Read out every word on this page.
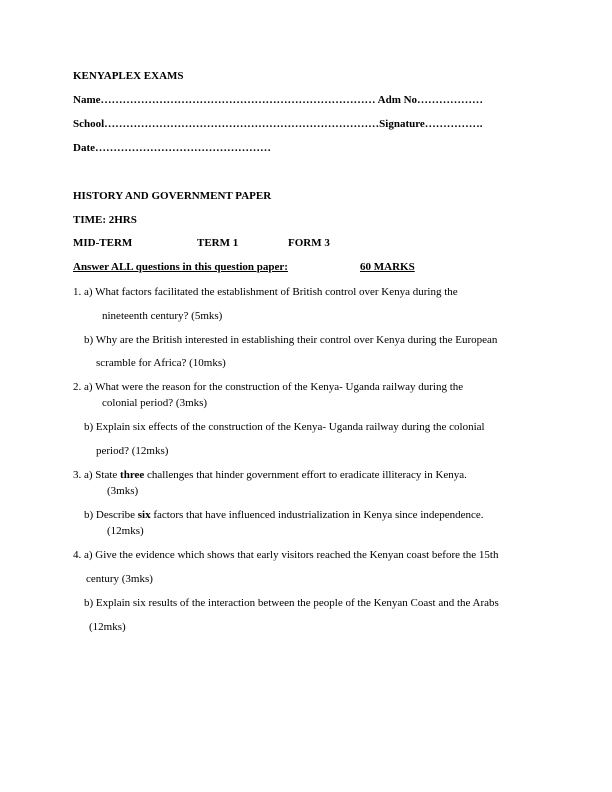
KENYAPLEX EXAMS
Name………………………………………………………………… Adm No………………
School…………………………………………………………………Signature…………….
Date…………………………………………
HISTORY AND GOVERNMENT PAPER
TIME: 2HRS
MID-TERM	TERM 1	FORM 3
Answer ALL questions in this question paper:	60 MARKS
1. a) What factors facilitated the establishment of British control over Kenya during the
nineteenth century? (5mks)
b) Why are the British interested in establishing their control over Kenya during the European
scramble for Africa? (10mks)
2. a) What were the reason for the construction of the Kenya- Uganda railway during the
colonial period? (3mks)
b) Explain six effects of the construction of the Kenya- Uganda railway during the colonial
period? (12mks)
3. a) State three challenges that hinder government effort to eradicate illiteracy in Kenya.
(3mks)
b) Describe six factors that have influenced industrialization in Kenya since independence.
(12mks)
4. a) Give the evidence which shows that early visitors reached the Kenyan coast before the 15th
century (3mks)
b) Explain six results of the interaction between the people of the Kenyan Coast and the Arabs
(12mks)
